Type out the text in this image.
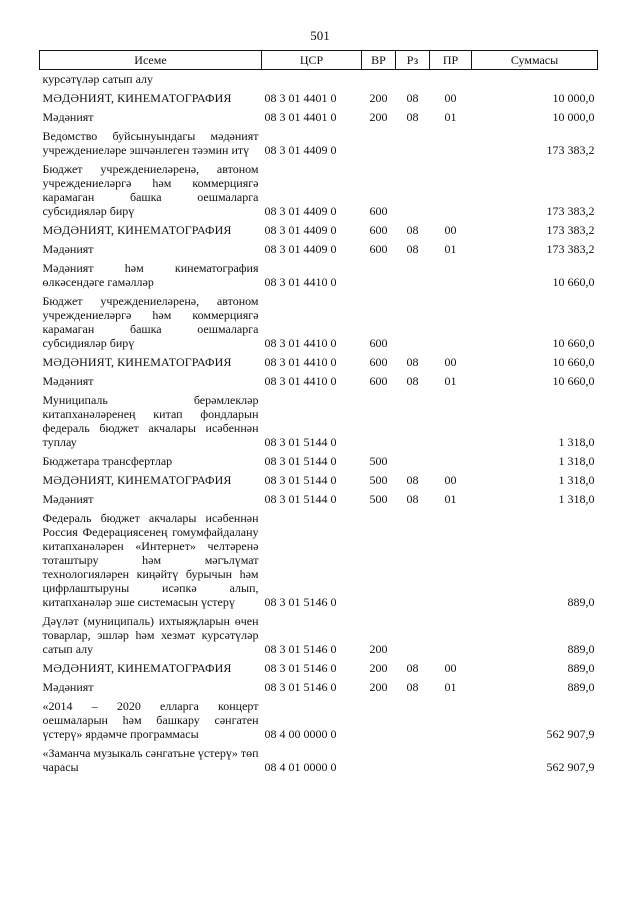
501
Исеме	ЦСР	ВР	Рз	ПР	Суммасы
курсәтүләр сатып алу					
МӘДӘНИЯТ, КИНЕМАТОГРАФИЯ	08 3 01 4401 0	200	08	00	10 000,0
Мәдәният	08 3 01 4401 0	200	08	01	10 000,0
Ведомство буйсынуындагы мәдәният учреждениеләре эшчәнлеген тәэмин итү	08 3 01 4409 0				173 383,2
Бюджет учреждениеләренә, автоном учреждениеләргә һәм коммерциягә карамаган башка оешмаларга субсидияләр бирү	08 3 01 4409 0	600			173 383,2
МӘДӘНИЯТ, КИНЕМАТОГРАФИЯ	08 3 01 4409 0	600	08	00	173 383,2
Мәдәният	08 3 01 4409 0	600	08	01	173 383,2
Мәдәният һәм кинематография өлкәсендәге гамәлләр	08 3 01 4410 0				10 660,0
Бюджет учреждениеләренә, автоном учреждениеләргә һәм коммерциягә карамаган башка оешмаларга субсидияләр бирү	08 3 01 4410 0	600			10 660,0
МӘДӘНИЯТ, КИНЕМАТОГРАФИЯ	08 3 01 4410 0	600	08	00	10 660,0
Мәдәният	08 3 01 4410 0	600	08	01	10 660,0
Муниципаль берәмлекләр китапханәләренең китап фондларын федераль бюджет акчалары исәбеннән туплау	08 3 01 5144 0				1 318,0
Бюджетара трансфертлар	08 3 01 5144 0	500			1 318,0
МӘДӘНИЯТ, КИНЕМАТОГРАФИЯ	08 3 01 5144 0	500	08	00	1 318,0
Мәдәният	08 3 01 5144 0	500	08	01	1 318,0
Федераль бюджет акчалары исәбеннән Россия Федерациясенең гомумфайдалану китапханәләрен «Интернет» челтәренә тоташтыру һәм мәгълүмат технологияләрен киңәйтү бурычын һәм цифрлаштыруны исәпкә алып, китапханәләр эше системасын үстерү	08 3 01 5146 0				889,0
Дәүләт (муниципаль) ихтыяҗларын өчен товарлар, эшләр һәм хезмәт курсәтүләр сатып алу	08 3 01 5146 0	200			889,0
МӘДӘНИЯТ, КИНЕМАТОГРАФИЯ	08 3 01 5146 0	200	08	00	889,0
Мәдәният	08 3 01 5146 0	200	08	01	889,0
«2014 – 2020 елларга концерт оешмаларын һәм башкару сәнгатен үстерү» ярдәмче программасы	08 4 00 0000 0				562 907,9
«Заманча музыкаль сәнгатьне үстерү» төп чарасы	08 4 01 0000 0				562 907,9
